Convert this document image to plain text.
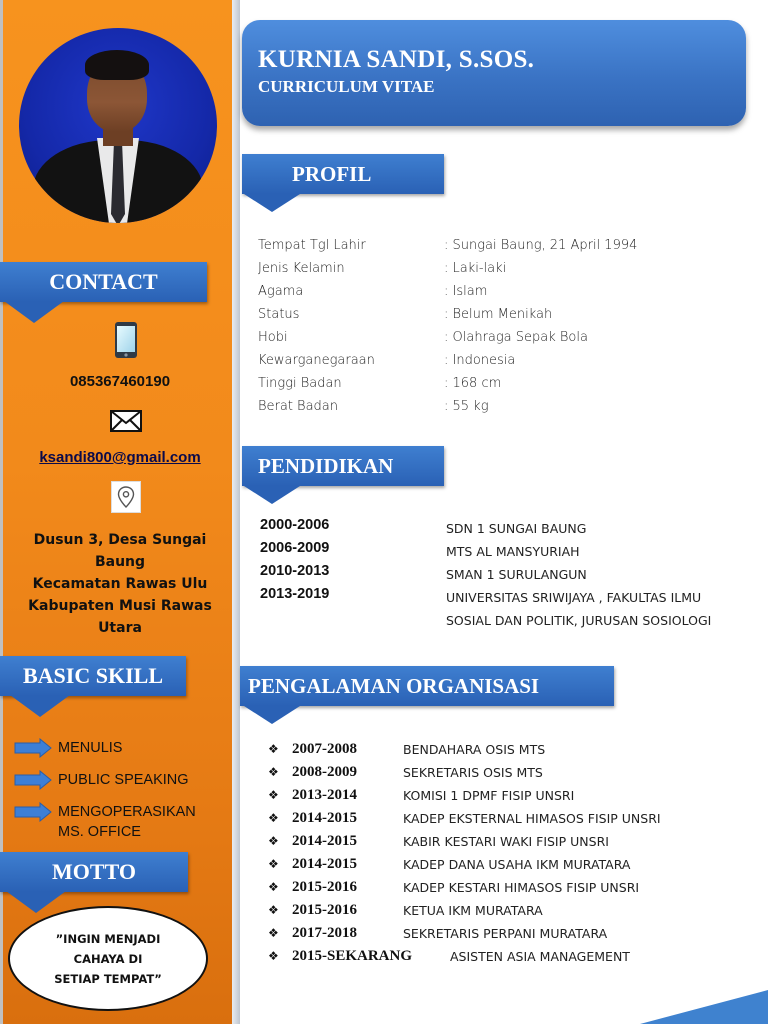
CONTACT
085367460190
ksandi800@gmail.com
Dusun 3, Desa Sungai
Baung
Kecamatan Rawas Ulu
Kabupaten Musi Rawas
Utara
BASIC SKILL
MENULIS
PUBLIC SPEAKING
MENGOPERASIKAN
MS. OFFICE
MOTTO
”INGIN MENJADI
CAHAYA DI
SETIAP TEMPAT”
KURNIA SANDI, S.SOS.
CURRICULUM VITAE
PROFIL
Tempat Tgl Lahir	: Sungai Baung, 21 April 1994
Jenis Kelamin	: Laki-laki
Agama	: Islam
Status	: Belum Menikah
Hobi	: Olahraga Sepak Bola
Kewarganegaraan	: Indonesia
Tinggi Badan	: 168 cm
Berat Badan	: 55 kg
PENDIDIKAN
2000-2006	SDN 1 SUNGAI BAUNG
2006-2009	MTS AL MANSYURIAH
2010-2013	SMAN 1 SURULANGUN
2013-2019	UNIVERSITAS SRIWIJAYA , FAKULTAS ILMU SOSIAL DAN POLITIK, JURUSAN SOSIOLOGI
PENGALAMAN ORGANISASI
❖ 2007-2008	BENDAHARA OSIS MTS
❖ 2008-2009	SEKRETARIS OSIS MTS
❖ 2013-2014	KOMISI 1 DPMF FISIP UNSRI
❖ 2014-2015	KADEP EKSTERNAL HIMASOS FISIP UNSRI
❖ 2014-2015	KABIR KESTARI WAKI FISIP UNSRI
❖ 2014-2015	KADEP DANA USAHA IKM MURATARA
❖ 2015-2016	KADEP KESTARI HIMASOS FISIP UNSRI
❖ 2015-2016	KETUA IKM MURATARA
❖ 2017-2018	SEKRETARIS PERPANI MURATARA
❖ 2015-SEKARANG	ASISTEN ASIA MANAGEMENT
